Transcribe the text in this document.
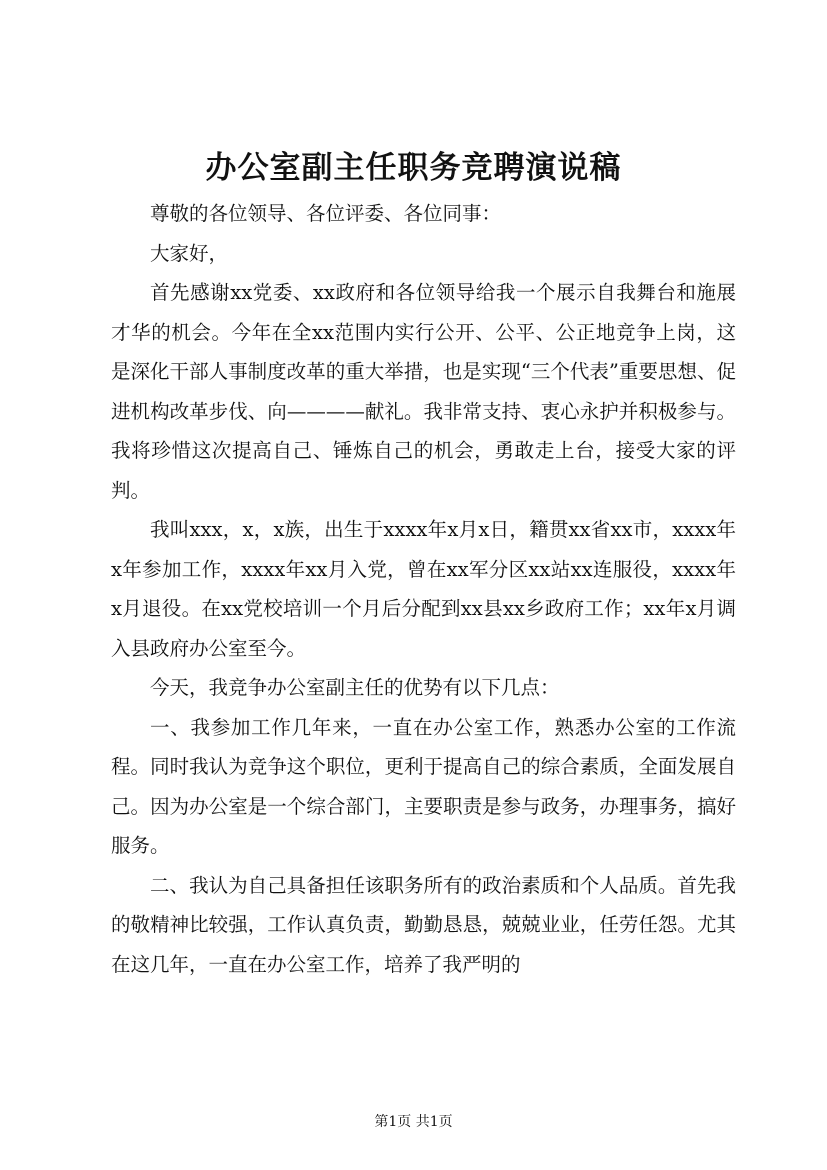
办公室副主任职务竞聘演说稿

尊敬的各位领导、各位评委、各位同事：

大家好，

首先感谢xx党委、xx政府和各位领导给我一个展示自我舞台和施展才华的机会。今年在全xx范围内实行公开、公平、公正地竞争上岗，这是深化干部人事制度改革的重大举措，也是实现“三个代表”重要思想、促进机构改革步伐、向————献礼。我非常支持、衷心永护并积极参与。我将珍惜这次提高自己、锤炼自己的机会，勇敢走上台，接受大家的评判。

我叫xxx，x，x族，出生于xxxx年x月x日，籍贯xx省xx市，xxxx年x年参加工作，xxxx年xx月入党，曾在xx军分区xx站xx连服役，xxxx年x月退役。在xx党校培训一个月后分配到xx县xx乡政府工作；xx年x月调入县政府办公室至今。

今天，我竞争办公室副主任的优势有以下几点：

一、我参加工作几年来，一直在办公室工作，熟悉办公室的工作流程。同时我认为竞争这个职位，更利于提高自己的综合素质，全面发展自己。因为办公室是一个综合部门，主要职责是参与政务，办理事务，搞好服务。

二、我认为自己具备担任该职务所有的政治素质和个人品质。首先我的敬精神比较强，工作认真负责，勤勤恳恳，兢兢业业，任劳任怨。尤其在这几年，一直在办公室工作，培养了我严明的

第1页 共1页
